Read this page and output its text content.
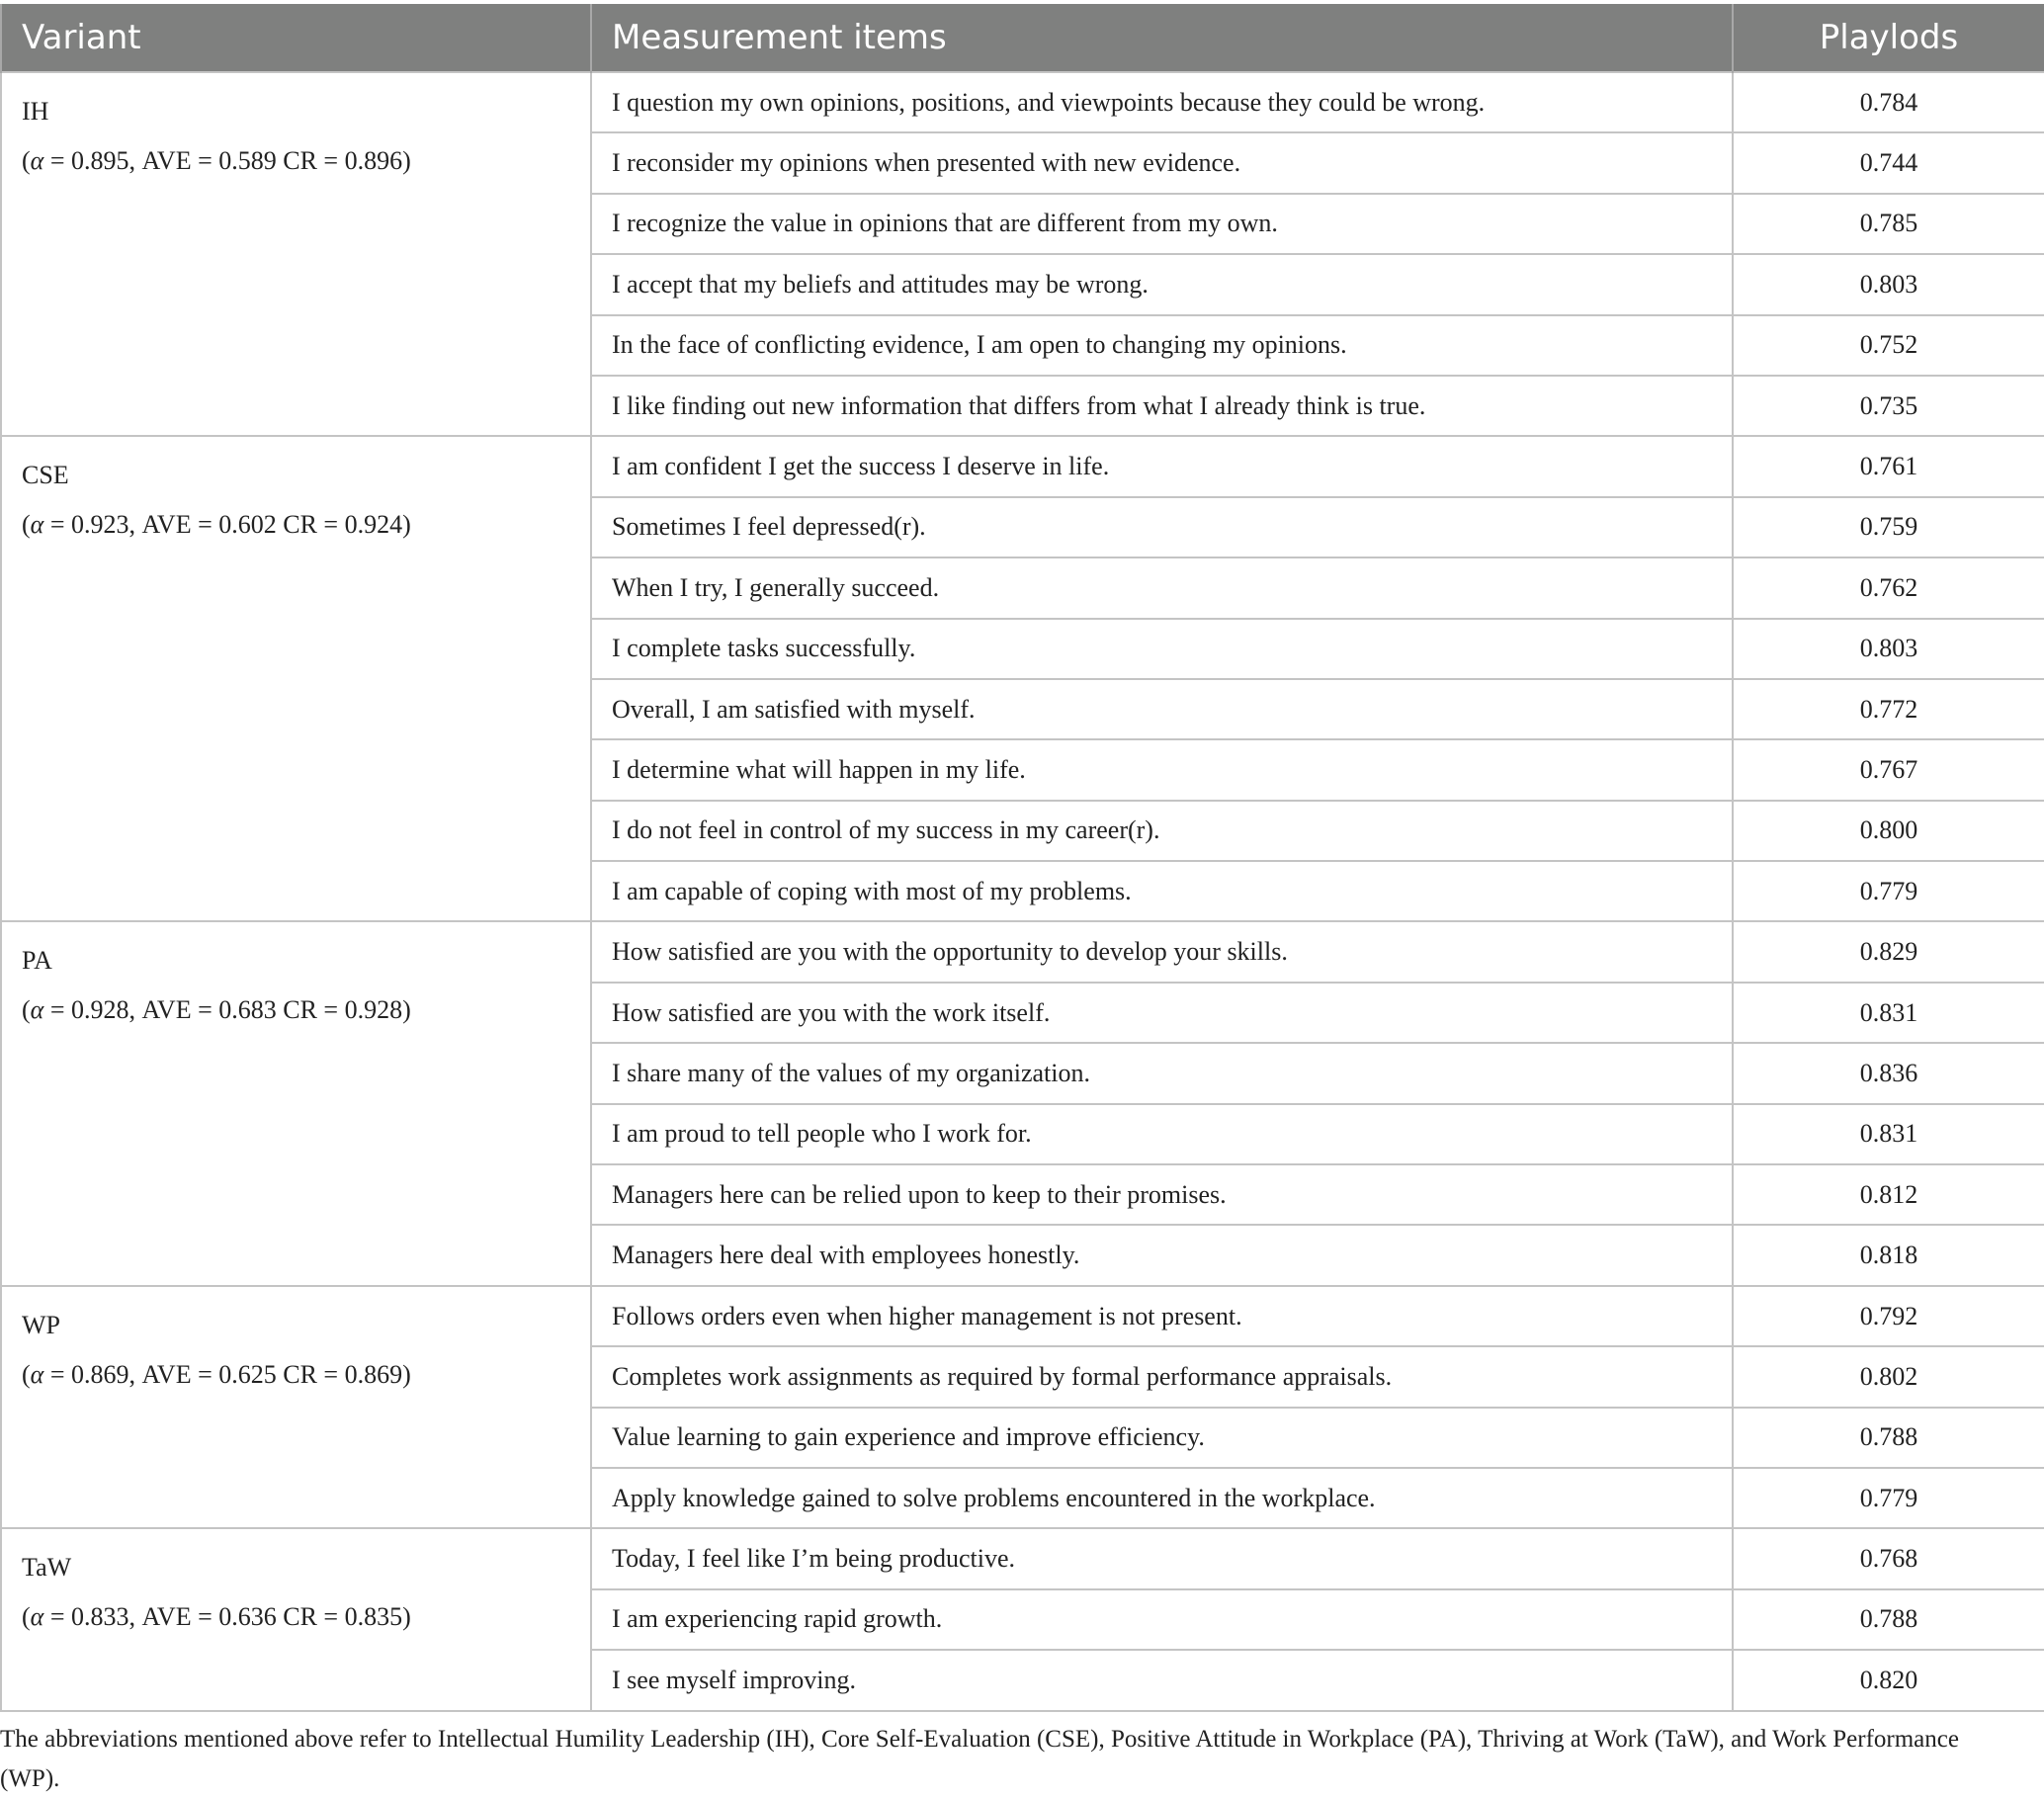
Variant	Measurement items	Playlods

IH
(α = 0.895, AVE = 0.589 CR = 0.896)	I question my own opinions, positions, and viewpoints because they could be wrong.	0.784
	I reconsider my opinions when presented with new evidence.	0.744
	I recognize the value in opinions that are different from my own.	0.785
	I accept that my beliefs and attitudes may be wrong.	0.803
	In the face of conflicting evidence, I am open to changing my opinions.	0.752
	I like finding out new information that differs from what I already think is true.	0.735

CSE
(α = 0.923, AVE = 0.602 CR = 0.924)	I am confident I get the success I deserve in life.	0.761
	Sometimes I feel depressed(r).	0.759
	When I try, I generally succeed.	0.762
	I complete tasks successfully.	0.803
	Overall, I am satisfied with myself.	0.772
	I determine what will happen in my life.	0.767
	I do not feel in control of my success in my career(r).	0.800
	I am capable of coping with most of my problems.	0.779

PA
(α = 0.928, AVE = 0.683 CR = 0.928)	How satisfied are you with the opportunity to develop your skills.	0.829
	How satisfied are you with the work itself.	0.831
	I share many of the values of my organization.	0.836
	I am proud to tell people who I work for.	0.831
	Managers here can be relied upon to keep to their promises.	0.812
	Managers here deal with employees honestly.	0.818

WP
(α = 0.869, AVE = 0.625 CR = 0.869)	Follows orders even when higher management is not present.	0.792
	Completes work assignments as required by formal performance appraisals.	0.802
	Value learning to gain experience and improve efficiency.	0.788
	Apply knowledge gained to solve problems encountered in the workplace.	0.779

TaW
(α = 0.833, AVE = 0.636 CR = 0.835)	Today, I feel like I’m being productive.	0.768
	I am experiencing rapid growth.	0.788
	I see myself improving.	0.820
The abbreviations mentioned above refer to Intellectual Humility Leadership (IH), Core Self-Evaluation (CSE), Positive Attitude in Workplace (PA), Thriving at Work (TaW), and Work Performance (WP).
